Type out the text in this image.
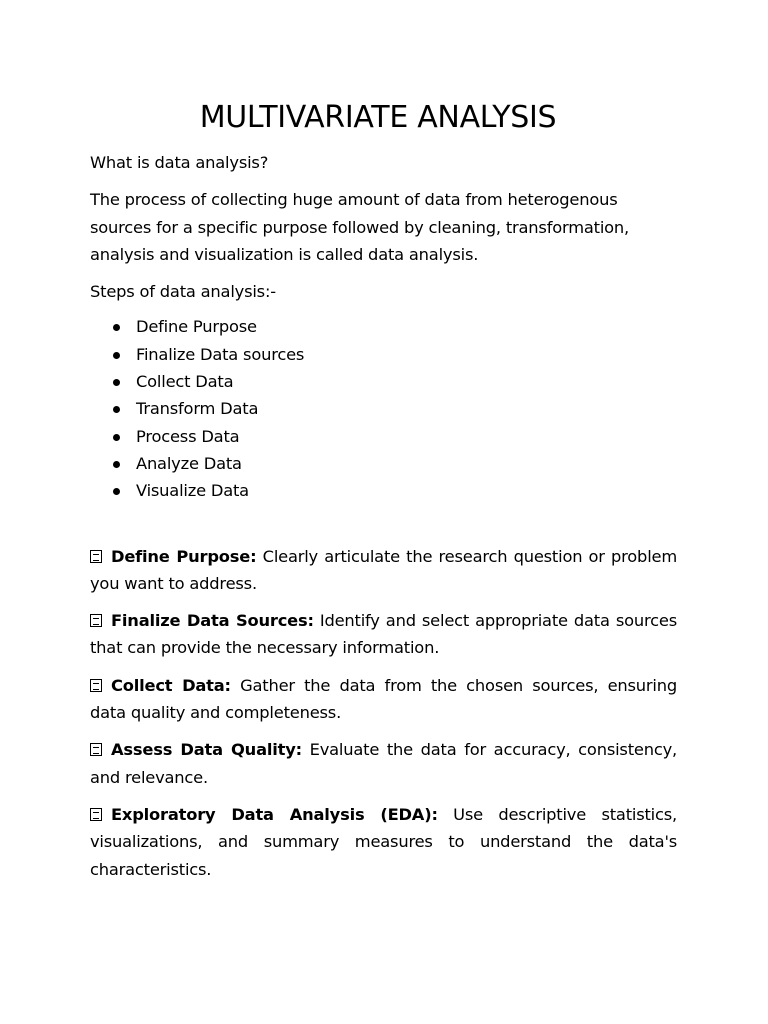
MULTIVARIATE ANALYSIS

What is data analysis?

The process of collecting huge amount of data from heterogenous sources for a specific purpose followed by cleaning, transformation, analysis and visualization is called data analysis.

Steps of data analysis:-

Define Purpose
Finalize Data sources
Collect Data
Transform Data
Process Data
Analyze Data
Visualize Data

Define Purpose: Clearly articulate the research question or problem you want to address.

Finalize Data Sources: Identify and select appropriate data sources that can provide the necessary information.

Collect Data: Gather the data from the chosen sources, ensuring data quality and completeness.

Assess Data Quality: Evaluate the data for accuracy, consistency, and relevance.

Exploratory Data Analysis (EDA): Use descriptive statistics, visualizations, and summary measures to understand the data's characteristics.
